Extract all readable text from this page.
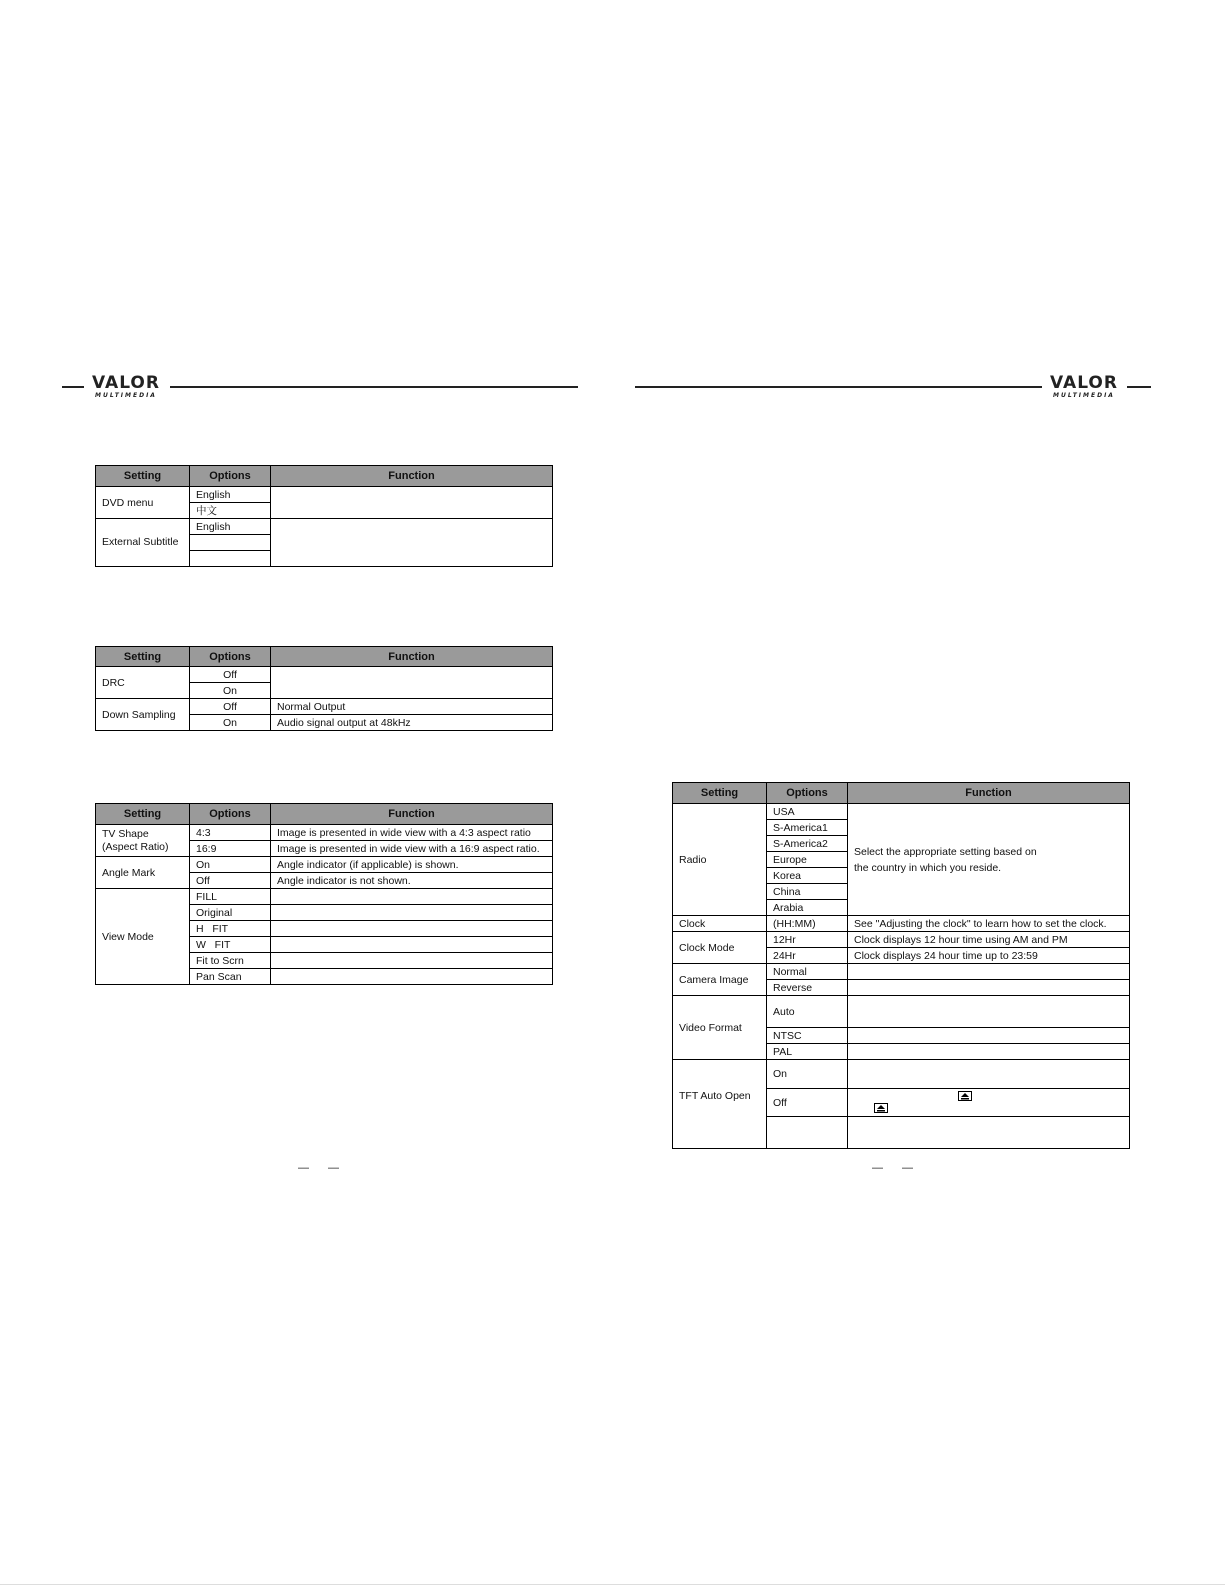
VALOR
MULTIMEDIA
VALOR
MULTIMEDIA
Setting	Options	Function
DVD menu	English	
	中文	
External Subtitle	English	

Setting	Options	Function
DRC	Off	
	On	
Down Sampling	Off	Normal Output
	On	Audio signal output at 48kHz
Setting	Options	Function
TV Shape (Aspect Ratio)	4:3	Image is presented in wide view with a 4:3 aspect ratio
	16:9	Image is presented in wide view with a 16:9 aspect ratio.
Angle Mark	On	Angle indicator (if applicable) is shown.
	Off	Angle indicator is not shown.
View Mode	FILL	
	Original	
	H   FIT	
	W   FIT	
	Fit to Scrn	
	Pan Scan	
Setting	Options	Function
Radio	USA	Select the appropriate setting based on
the country in which you reside.
	S-America1	
	S-America2	
	Europe	
	Korea	
	China	
	Arabia	
Clock	(HH:MM)	See "Adjusting the clock" to learn how to set the clock.
Clock Mode	12Hr	Clock displays 12 hour time using AM and PM
	24Hr	Clock displays 24 hour time up to 23:59
Camera Image	Normal	
	Reverse	
Video Format	Auto	
	NTSC	
	PAL	
TFT Auto Open	On	
	Off	

— —	— —
